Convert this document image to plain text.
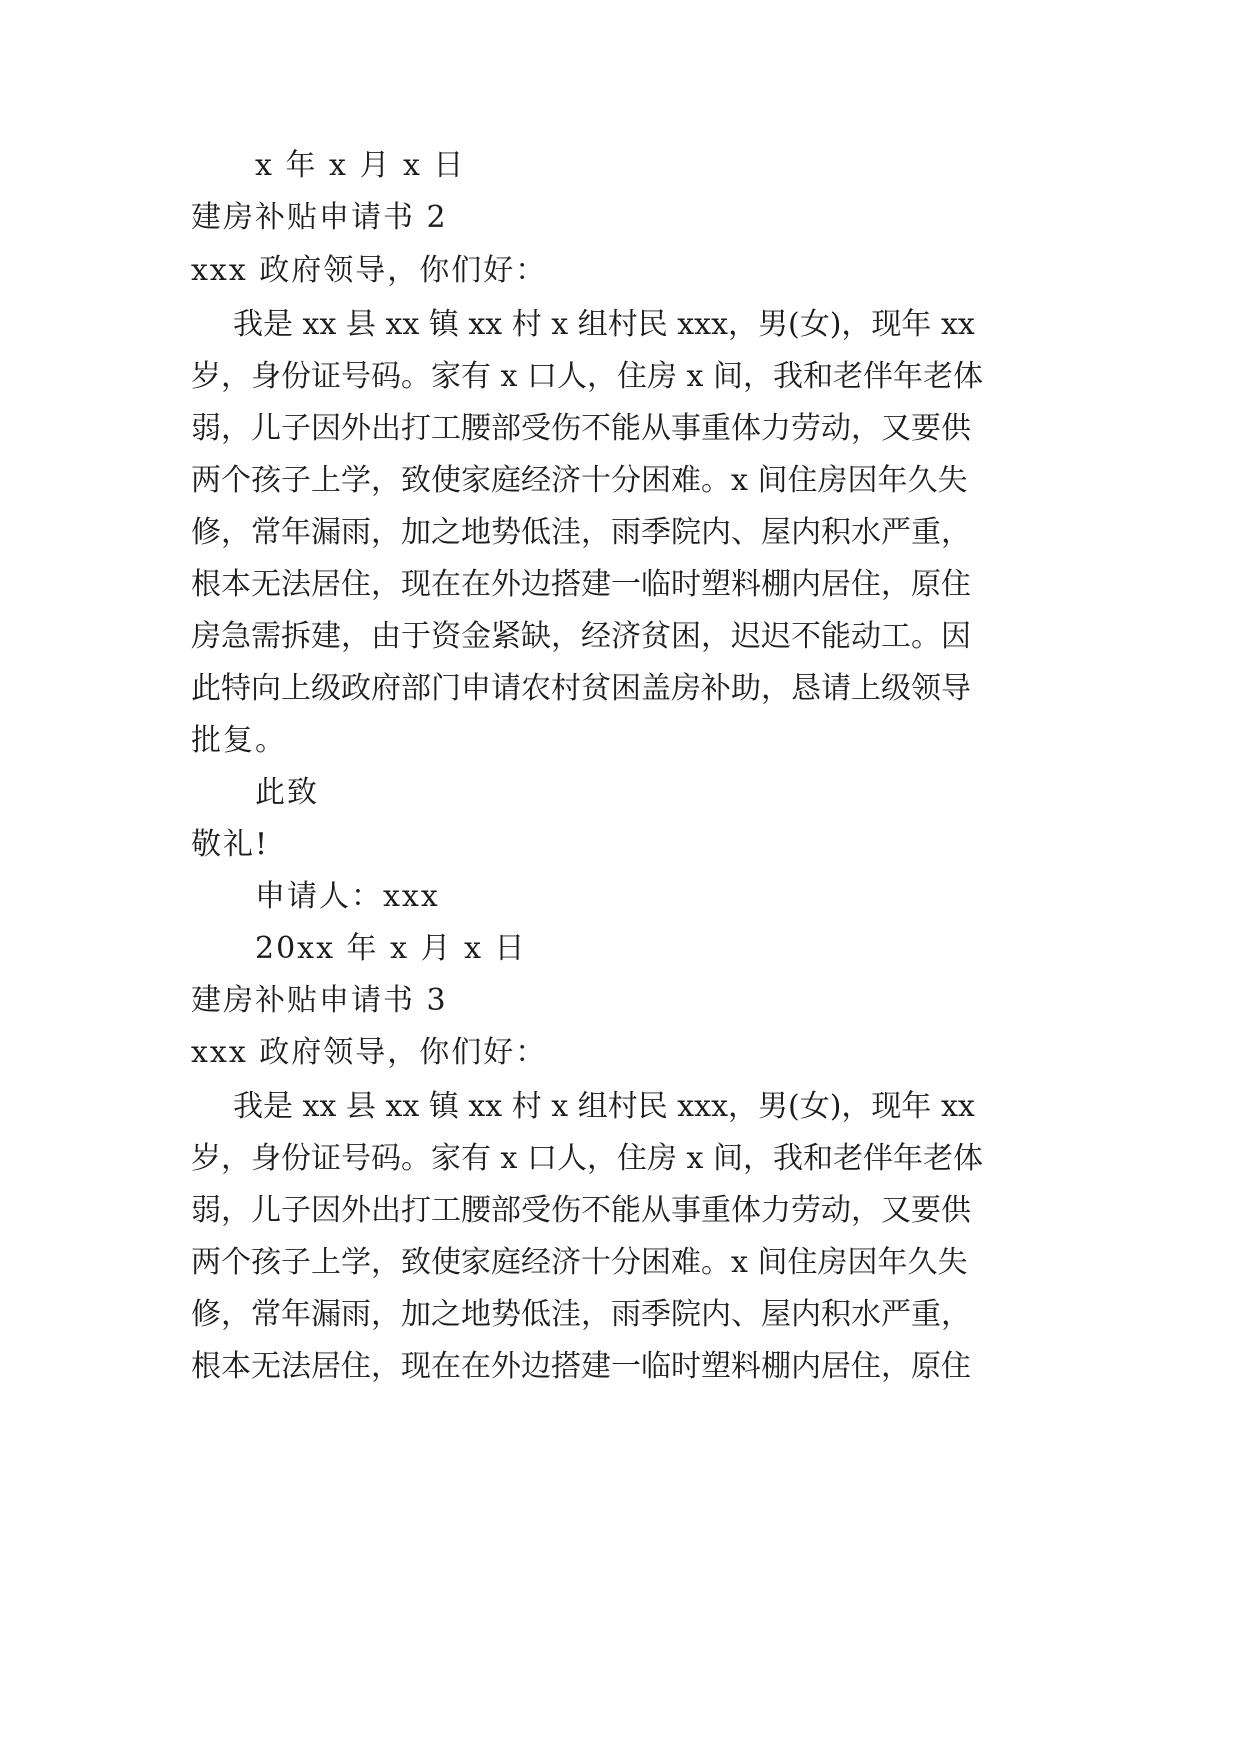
x 年 x 月 x 日
建房补贴申请书 2
xxx 政府领导，你们好：
我是 xx 县 xx 镇 xx 村 x 组村民 xxx，男(女)，现年 xx
岁，身份证号码。家有 x 口人，住房 x 间，我和老伴年老体
弱，儿子因外出打工腰部受伤不能从事重体力劳动，又要供
两个孩子上学，致使家庭经济十分困难。x 间住房因年久失
修，常年漏雨，加之地势低洼，雨季院内、屋内积水严重，
根本无法居住，现在在外边搭建一临时塑料棚内居住，原住
房急需拆建，由于资金紧缺，经济贫困，迟迟不能动工。因
此特向上级政府部门申请农村贫困盖房补助，恳请上级领导
批复。
此致
敬礼!
申请人：xxx
20xx 年 x 月 x 日
建房补贴申请书 3
xxx 政府领导，你们好：
我是 xx 县 xx 镇 xx 村 x 组村民 xxx，男(女)，现年 xx
岁，身份证号码。家有 x 口人，住房 x 间，我和老伴年老体
弱，儿子因外出打工腰部受伤不能从事重体力劳动，又要供
两个孩子上学，致使家庭经济十分困难。x 间住房因年久失
修，常年漏雨，加之地势低洼，雨季院内、屋内积水严重，
根本无法居住，现在在外边搭建一临时塑料棚内居住，原住
